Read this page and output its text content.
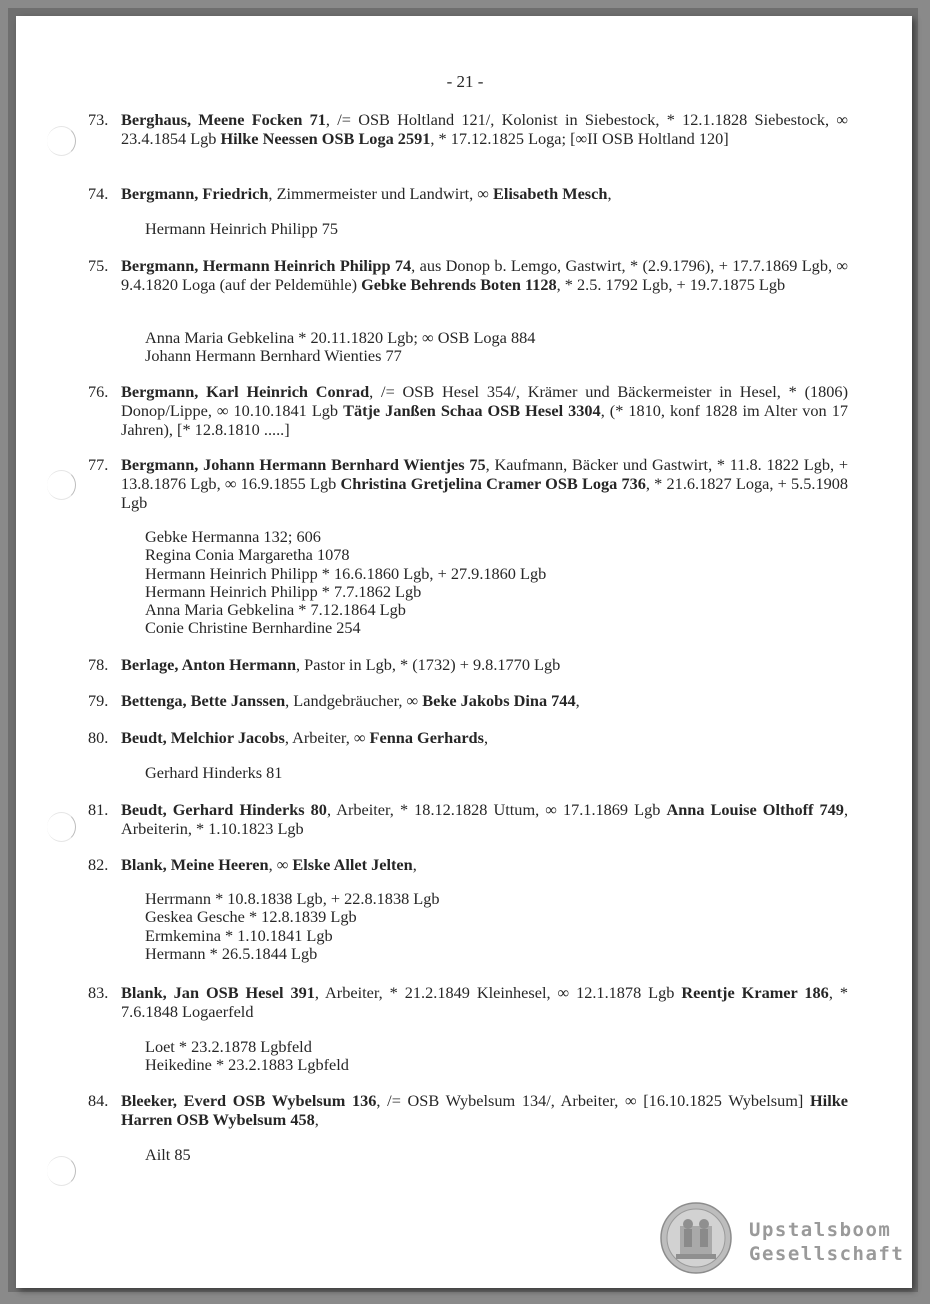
- 21 -
73. Berghaus, Meene Focken 71, /= OSB Holtland 121/, Kolonist in Siebestock, * 12.1.1828 Siebestock, ∞ 23.4.1854 Lgb Hilke Neessen OSB Loga 2591, * 17.12.1825 Loga; [∞II OSB Holtland 120]
74. Bergmann, Friedrich, Zimmermeister und Landwirt, ∞ Elisabeth Mesch,
Hermann Heinrich Philipp 75
75. Bergmann, Hermann Heinrich Philipp 74, aus Donop b. Lemgo, Gastwirt, * (2.9.1796), + 17.7.1869 Lgb, ∞ 9.4.1820 Loga (auf der Peldemühle) Gebke Behrends Boten 1128, * 2.5. 1792 Lgb, + 19.7.1875 Lgb
Anna Maria Gebkelina * 20.11.1820 Lgb; ∞ OSB Loga 884
Johann Hermann Bernhard Wienties 77
76. Bergmann, Karl Heinrich Conrad, /= OSB Hesel 354/, Krämer und Bäckermeister in Hesel, * (1806) Donop/Lippe, ∞ 10.10.1841 Lgb Tätje Janßen Schaa OSB Hesel 3304, (* 1810, konf 1828 im Alter von 17 Jahren), [* 12.8.1810 .....]
77. Bergmann, Johann Hermann Bernhard Wientjes 75, Kaufmann, Bäcker und Gastwirt, * 11.8. 1822 Lgb, + 13.8.1876 Lgb, ∞ 16.9.1855 Lgb Christina Gretjelina Cramer OSB Loga 736, * 21.6.1827 Loga, + 5.5.1908 Lgb
Gebke Hermanna 132; 606
Regina Conia Margaretha 1078
Hermann Heinrich Philipp * 16.6.1860 Lgb, + 27.9.1860 Lgb
Hermann Heinrich Philipp * 7.7.1862 Lgb
Anna Maria Gebkelina * 7.12.1864 Lgb
Conie Christine Bernhardine 254
78. Berlage, Anton Hermann, Pastor in Lgb, * (1732) + 9.8.1770 Lgb
79. Bettenga, Bette Janssen, Landgebräucher, ∞ Beke Jakobs Dina 744,
80. Beudt, Melchior Jacobs, Arbeiter, ∞ Fenna Gerhards,
Gerhard Hinderks 81
81. Beudt, Gerhard Hinderks 80, Arbeiter, * 18.12.1828 Uttum, ∞ 17.1.1869 Lgb Anna Louise Olthoff 749, Arbeiterin, * 1.10.1823 Lgb
82. Blank, Meine Heeren, ∞ Elske Allet Jelten,
Herrmann * 10.8.1838 Lgb, + 22.8.1838 Lgb
Geskea Gesche * 12.8.1839 Lgb
Ermkemina * 1.10.1841 Lgb
Hermann * 26.5.1844 Lgb
83. Blank, Jan OSB Hesel 391, Arbeiter, * 21.2.1849 Kleinhesel, ∞ 12.1.1878 Lgb Reentje Kramer 186, * 7.6.1848 Logaerfeld
Loet * 23.2.1878 Lgbfeld
Heikedine * 23.2.1883 Lgbfeld
84. Bleeker, Everd OSB Wybelsum 136, /= OSB Wybelsum 134/, Arbeiter, ∞ [16.10.1825 Wybelsum] Hilke Harren OSB Wybelsum 458,
Ailt 85
Upstalsboom
Gesellschaft
